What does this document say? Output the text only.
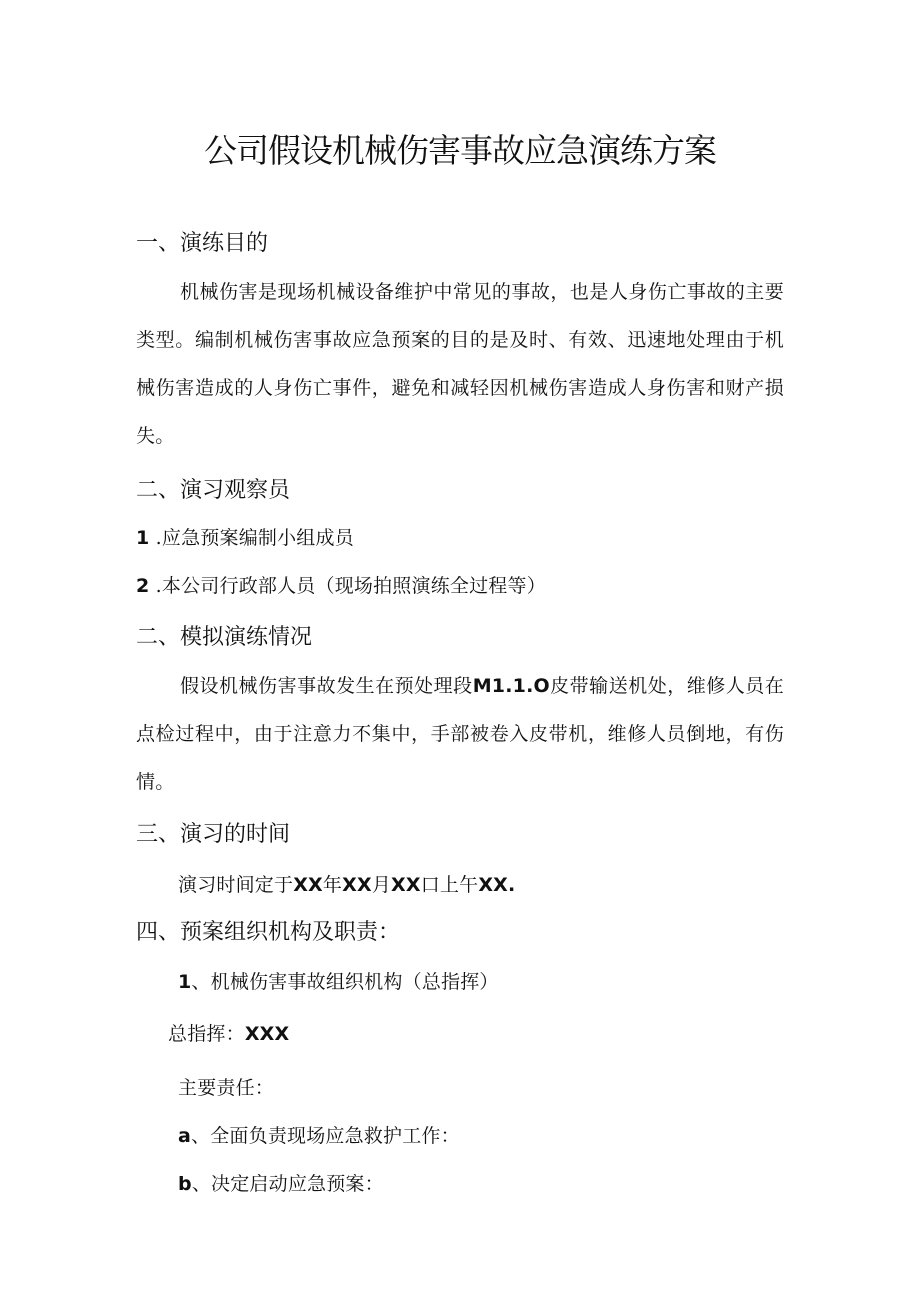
公司假设机械伤害事故应急演练方案
一、演练目的

机械伤害是现场机械设备维护中常见的事故，也是人身伤亡事故的主要类型。编制机械伤害事故应急预案的目的是及时、有效、迅速地处理由于机械伤害造成的人身伤亡事件，避免和减轻因机械伤害造成人身伤害和财产损失。

二、演习观察员

1 .应急预案编制小组成员

2 .本公司行政部人员（现场拍照演练全过程等）

二、模拟演练情况

假设机械伤害事故发生在预处理段M1.1.O皮带输送机处，维修人员在点检过程中，由于注意力不集中，手部被卷入皮带机，维修人员倒地，有伤情。

三、演习的时间

演习时间定于XX年XX月XX口上午XX.

四、预案组织机构及职责：

1、机械伤害事故组织机构（总指挥）

总指挥：XXX

主要责任：

a、全面负责现场应急救护工作：

b、决定启动应急预案：
